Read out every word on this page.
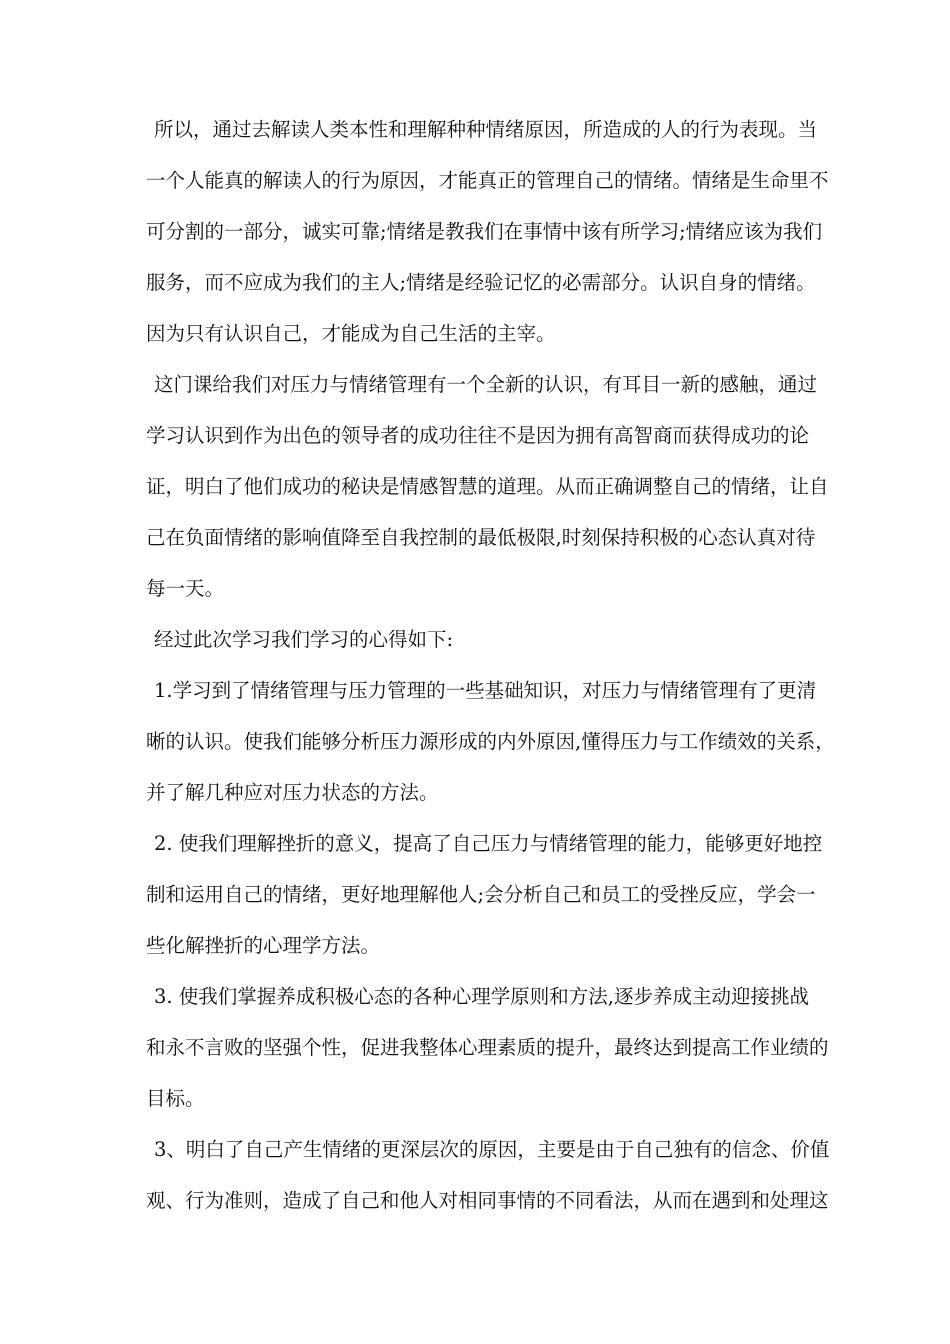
所以，通过去解读人类本性和理解种种情绪原因，所造成的人的行为表现。当
一个人能真的解读人的行为原因，才能真正的管理自己的情绪。情绪是生命里不
可分割的一部分，诚实可靠;情绪是教我们在事情中该有所学习;情绪应该为我们
服务，而不应成为我们的主人;情绪是经验记忆的必需部分。认识自身的情绪。
因为只有认识自己，才能成为自己生活的主宰。
这门课给我们对压力与情绪管理有一个全新的认识，有耳目一新的感触，通过
学习认识到作为出色的领导者的成功往往不是因为拥有高智商而获得成功的论
证，明白了他们成功的秘诀是情感智慧的道理。从而正确调整自己的情绪，让自
己在负面情绪的影响值降至自我控制的最低极限,时刻保持积极的心态认真对待
每一天。
经过此次学习我们学习的心得如下:
1.学习到了情绪管理与压力管理的一些基础知识，对压力与情绪管理有了更清
晰的认识。使我们能够分析压力源形成的内外原因,懂得压力与工作绩效的关系，
并了解几种应对压力状态的方法。
2. 使我们理解挫折的意义，提高了自己压力与情绪管理的能力，能够更好地控
制和运用自己的情绪，更好地理解他人;会分析自己和员工的受挫反应，学会一
些化解挫折的心理学方法。
3. 使我们掌握养成积极心态的各种心理学原则和方法,逐步养成主动迎接挑战
和永不言败的坚强个性，促进我整体心理素质的提升，最终达到提高工作业绩的
目标。
3、明白了自己产生情绪的更深层次的原因，主要是由于自己独有的信念、价值
观、行为准则，造成了自己和他人对相同事情的不同看法，从而在遇到和处理这
